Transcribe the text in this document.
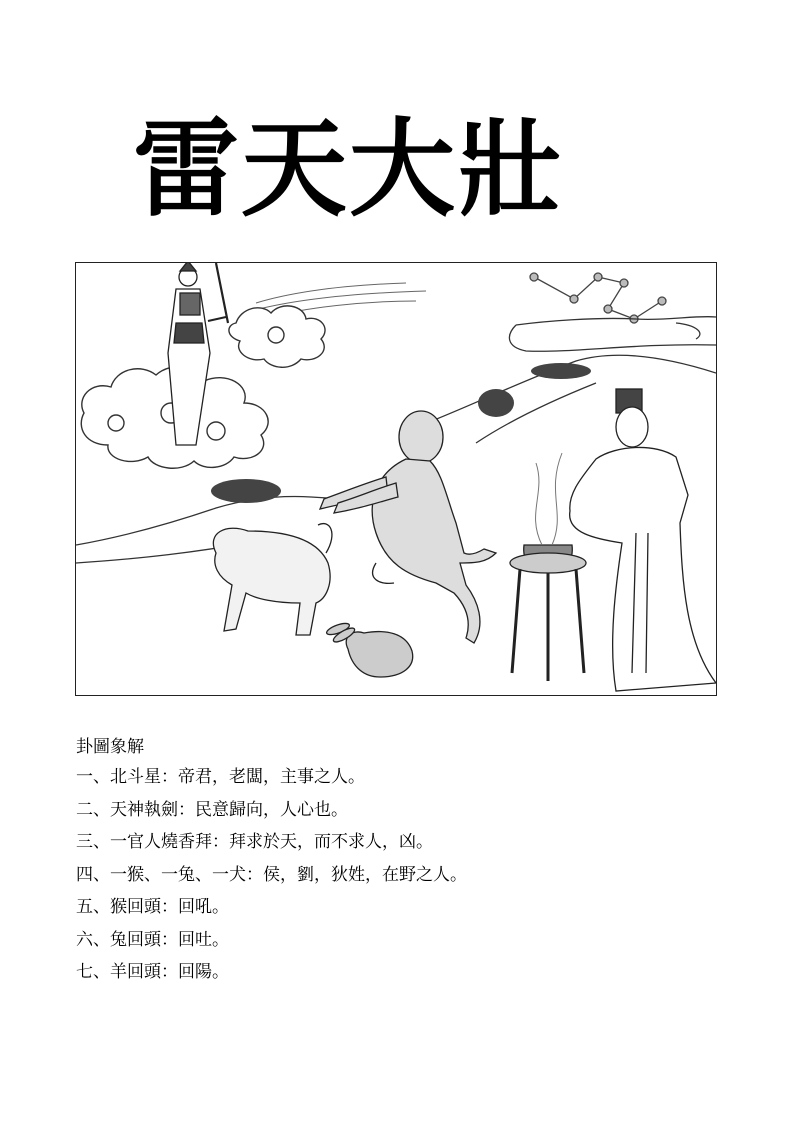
雷天大壯
卦圖象解
一、北斗星：帝君，老闆，主事之人。
二、天神執劍：民意歸向，人心也。
三、一官人燒香拜：拜求於天，而不求人，凶。
四、一猴、一兔、一犬：侯，劉，狄姓，在野之人。
五、猴回頭：回吼。
六、兔回頭：回吐。
七、羊回頭：回陽。
